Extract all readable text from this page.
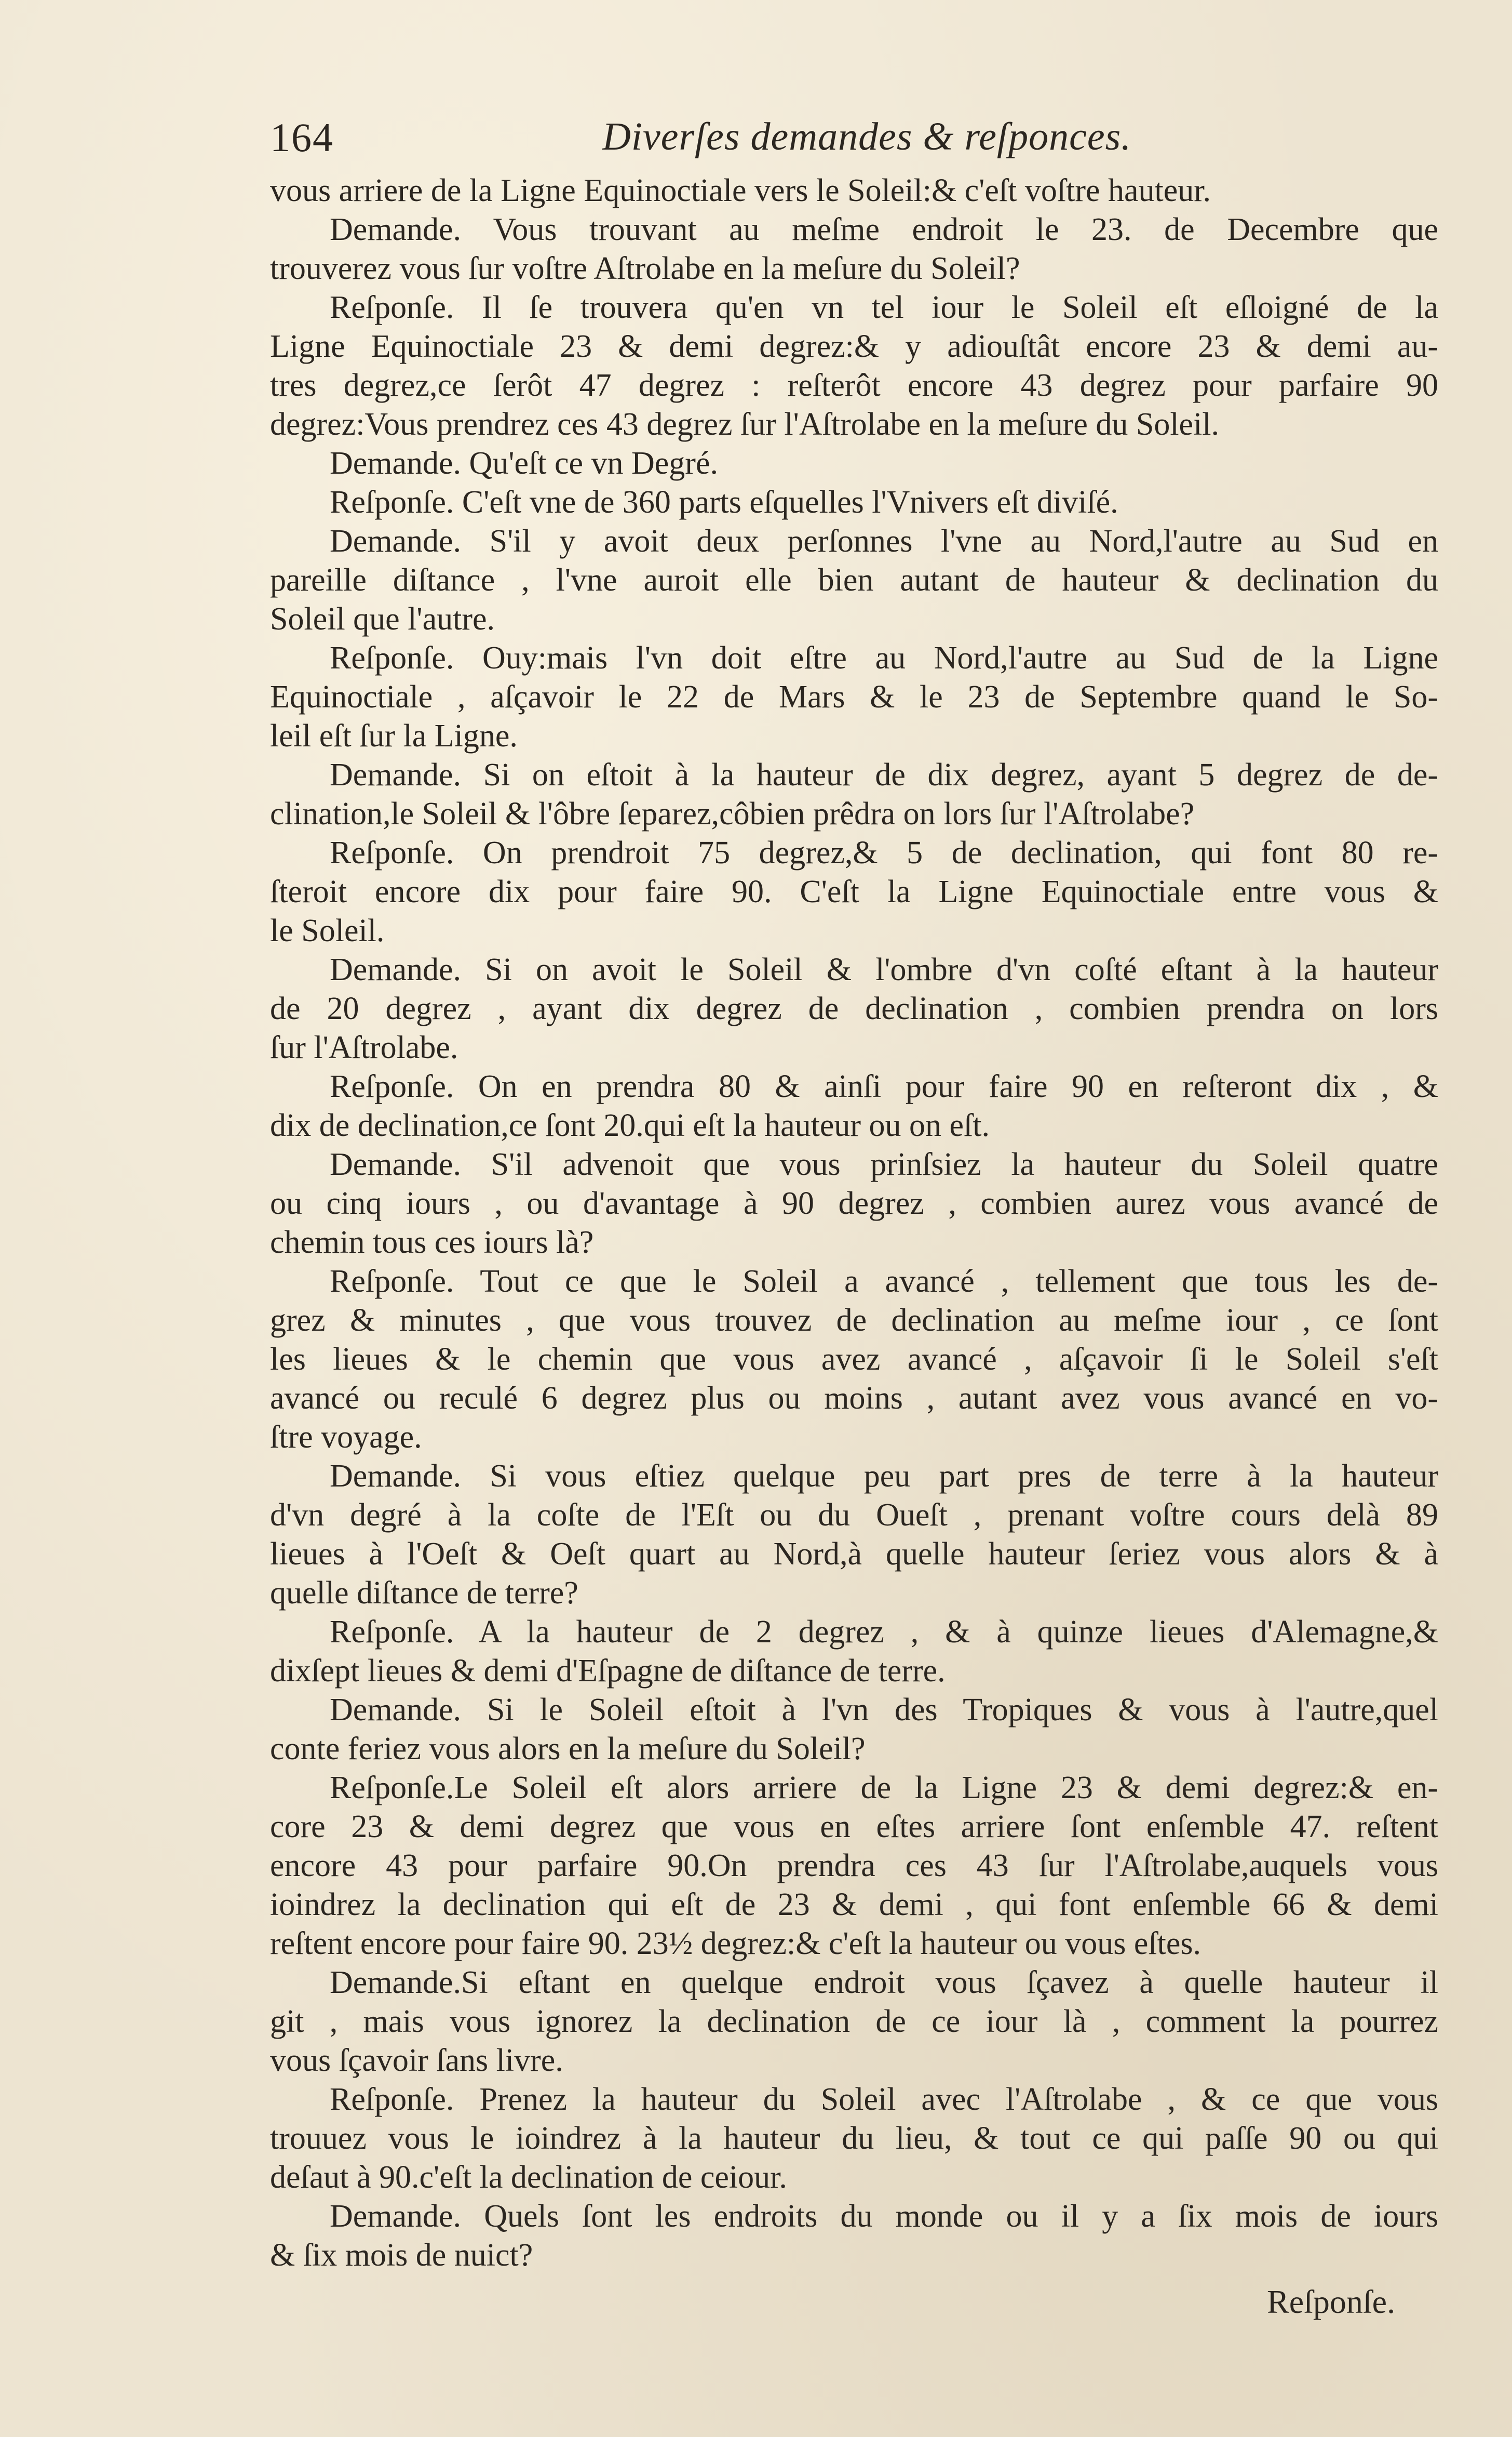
164	Diverſes demandes & reſponces.
vous arriere de la Ligne Equinoctiale vers le Soleil:& c'eſt voſtre hauteur.
Demande. Vous trouvant au meſme endroit le 23. de Decembre que
trouverez vous ſur voſtre Aſtrolabe en la meſure du Soleil?
Reſponſe. Il ſe trouvera qu'en vn tel iour le Soleil eſt eſloigné de la
Ligne Equinoctiale 23 & demi degrez:& y adiouſtât encore 23 & demi au-
tres degrez,ce ſerôt 47 degrez : reſterôt encore 43 degrez pour parfaire 90
degrez:Vous prendrez ces 43 degrez ſur l'Aſtrolabe en la meſure du Soleil.
Demande. Qu'eſt ce vn Degré.
Reſponſe. C'eſt vne de 360 parts eſquelles l'Vnivers eſt diviſé.
Demande. S'il y avoit deux perſonnes l'vne au Nord,l'autre au Sud en
pareille diſtance , l'vne auroit elle bien autant de hauteur & declination du
Soleil que l'autre.
Reſponſe. Ouy:mais l'vn doit eſtre au Nord,l'autre au Sud de la Ligne
Equinoctiale , aſçavoir le 22 de Mars & le 23 de Septembre quand le So-
leil eſt ſur la Ligne.
Demande. Si on eſtoit à la hauteur de dix degrez, ayant 5 degrez de de-
clination,le Soleil & l'ôbre ſeparez,côbien prêdra on lors ſur l'Aſtrolabe?
Reſponſe. On prendroit 75 degrez,& 5 de declination, qui font 80 re-
ſteroit encore dix pour faire 90. C'eſt la Ligne Equinoctiale entre vous &
le Soleil.
Demande. Si on avoit le Soleil & l'ombre d'vn coſté eſtant à la hauteur
de 20 degrez , ayant dix degrez de declination , combien prendra on lors
ſur l'Aſtrolabe.
Reſponſe. On en prendra 80 & ainſi pour faire 90 en reſteront dix , &
dix de declination,ce ſont 20.qui eſt la hauteur ou on eſt.
Demande. S'il advenoit que vous prinſsiez la hauteur du Soleil quatre
ou cinq iours , ou d'avantage à 90 degrez , combien aurez vous avancé de
chemin tous ces iours là?
Reſponſe. Tout ce que le Soleil a avancé , tellement que tous les de-
grez & minutes , que vous trouvez de declination au meſme iour , ce ſont
les lieues & le chemin que vous avez avancé , aſçavoir ſi le Soleil s'eſt
avancé ou reculé 6 degrez plus ou moins , autant avez vous avancé en vo-
ſtre voyage.
Demande. Si vous eſtiez quelque peu part pres de terre à la hauteur
d'vn degré à la coſte de l'Eſt ou du Oueſt , prenant voſtre cours delà 89
lieues à l'Oeſt & Oeſt quart au Nord,à quelle hauteur ſeriez vous alors & à
quelle diſtance de terre?
Reſponſe. A la hauteur de 2 degrez , & à quinze lieues d'Alemagne,&
dixſept lieues & demi d'Eſpagne de diſtance de terre.
Demande. Si le Soleil eſtoit à l'vn des Tropiques & vous à l'autre,quel
conte feriez vous alors en la meſure du Soleil?
Reſponſe.Le Soleil eſt alors arriere de la Ligne 23 & demi degrez:& en-
core 23 & demi degrez que vous en eſtes arriere ſont enſemble 47. reſtent
encore 43 pour parfaire 90.On prendra ces 43 ſur l'Aſtrolabe,auquels vous
ioindrez la declination qui eſt de 23 & demi , qui font enſemble 66 & demi
reſtent encore pour faire 90. 23½ degrez:& c'eſt la hauteur ou vous eſtes.
Demande.Si eſtant en quelque endroit vous ſçavez à quelle hauteur il
git , mais vous ignorez la declination de ce iour là , comment la pourrez
vous ſçavoir ſans livre.
Reſponſe. Prenez la hauteur du Soleil avec l'Aſtrolabe , & ce que vous
trouuez vous le ioindrez à la hauteur du lieu, & tout ce qui paſſe 90 ou qui
deſaut à 90.c'eſt la declination de ceiour.
Demande. Quels ſont les endroits du monde ou il y a ſix mois de iours
& ſix mois de nuict?
Reſponſe.
